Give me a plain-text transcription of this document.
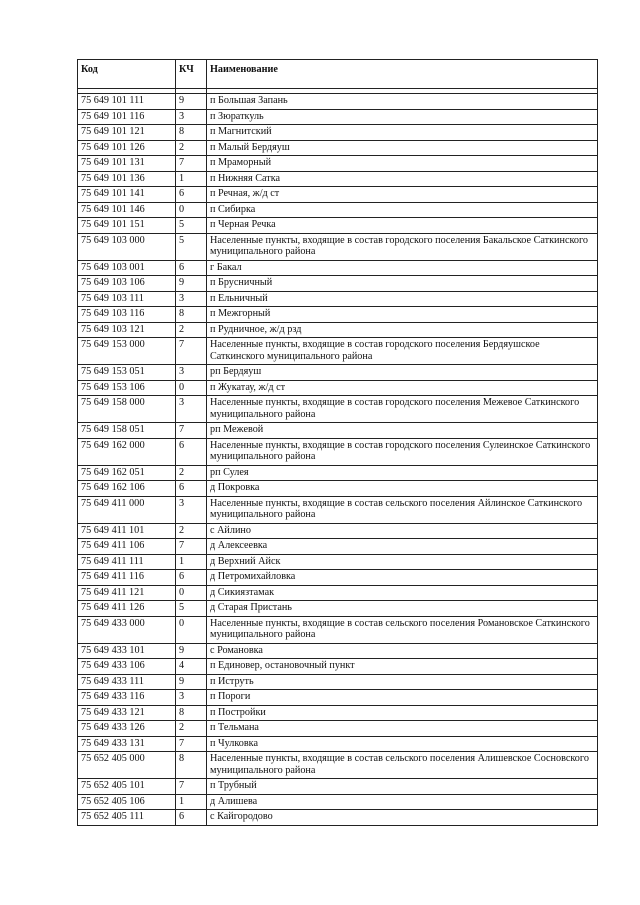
Код	КЧ	Наименование

75 649 101 111	9	п Большая Запань
75 649 101 116	3	п Зюраткуль
75 649 101 121	8	п Магнитский
75 649 101 126	2	п Малый Бердяуш
75 649 101 131	7	п Мраморный
75 649 101 136	1	п Нижняя Сатка
75 649 101 141	6	п Речная, ж/д ст
75 649 101 146	0	п Сибирка
75 649 101 151	5	п Черная Речка
75 649 103 000	5	Населенные пункты, входящие в состав городского поселения Бакальское Саткинского муниципального района
75 649 103 001	6	г Бакал
75 649 103 106	9	п Брусничный
75 649 103 111	3	п Ельничный
75 649 103 116	8	п Межгорный
75 649 103 121	2	п Рудничное, ж/д рзд
75 649 153 000	7	Населенные пункты, входящие в состав городского поселения Бердяушское Саткинского муниципального района
75 649 153 051	3	рп Бердяуш
75 649 153 106	0	п Жукатау, ж/д ст
75 649 158 000	3	Населенные пункты, входящие в состав городского поселения Межевое Саткинского муниципального района
75 649 158 051	7	рп Межевой
75 649 162 000	6	Населенные пункты, входящие в состав городского поселения Сулеинское Саткинского муниципального района
75 649 162 051	2	рп Сулея
75 649 162 106	6	д Покровка
75 649 411 000	3	Населенные пункты, входящие в состав сельского поселения Айлинское Саткинского муниципального района
75 649 411 101	2	с Айлино
75 649 411 106	7	д Алексеевка
75 649 411 111	1	д Верхний Айск
75 649 411 116	6	д Петромихайловка
75 649 411 121	0	д Сикиязтамак
75 649 411 126	5	д Старая Пристань
75 649 433 000	0	Населенные пункты, входящие в состав сельского поселения Романовское Саткинского муниципального района
75 649 433 101	9	с Романовка
75 649 433 106	4	п Единовер, остановочный пункт
75 649 433 111	9	п Иструть
75 649 433 116	3	п Пороги
75 649 433 121	8	п Постройки
75 649 433 126	2	п Тельмана
75 649 433 131	7	п Чулковка
75 652 405 000	8	Населенные пункты, входящие в состав сельского поселения Алишевское Сосновского муниципального района
75 652 405 101	7	п Трубный
75 652 405 106	1	д Алишева
75 652 405 111	6	с Кайгородово
